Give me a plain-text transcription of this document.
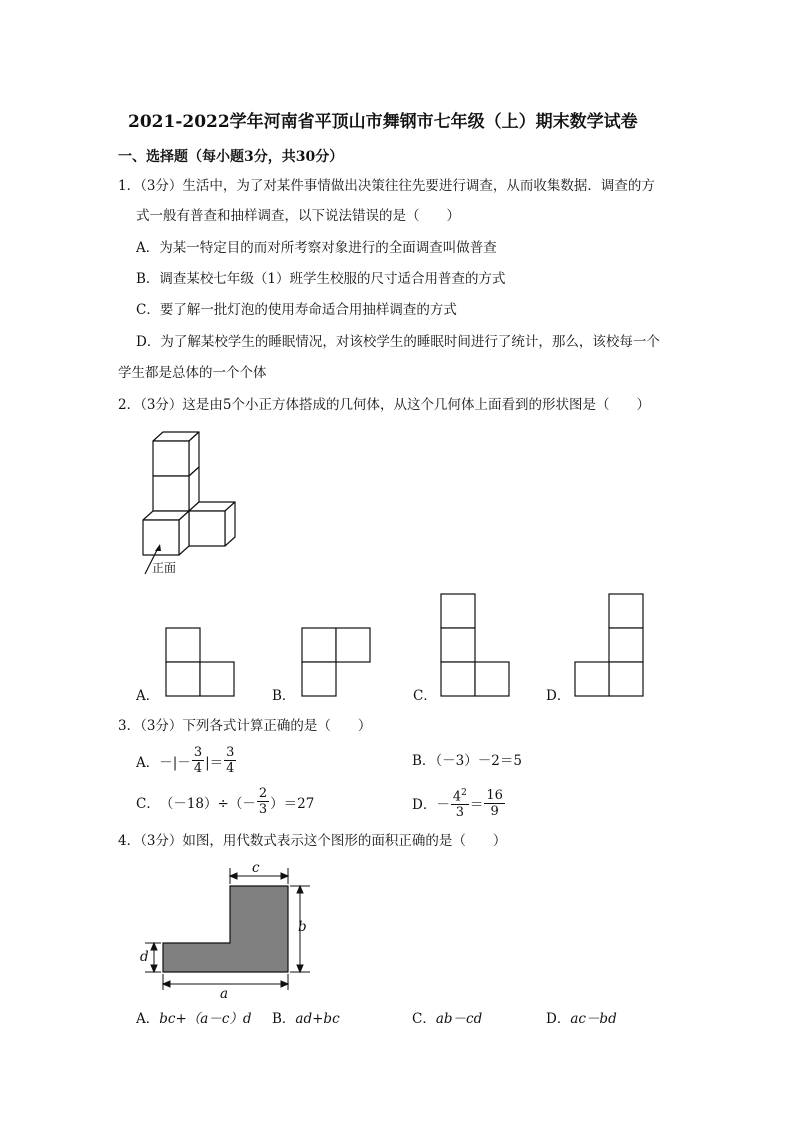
2021-2022学年河南省平顶山市舞钢市七年级（上）期末数学试卷
一、选择题（每小题3分，共30分）
1．（3分）生活中，为了对某件事情做出决策往往先要进行调查，从而收集数据．调查的方
式一般有普查和抽样调查，以下说法错误的是（　　）
A．为某一特定目的而对所考察对象进行的全面调查叫做普查
B．调查某校七年级（1）班学生校服的尺寸适合用普查的方式
C．要了解一批灯泡的使用寿命适合用抽样调查的方式
D．为了解某校学生的睡眠情况，对该校学生的睡眠时间进行了统计，那么，该校每一个
学生都是总体的一个个体
2．（3分）这是由5个小正方体搭成的几何体，从这个几何体上面看到的形状图是（　　）
正面
A．	B．	C．	D．
3．（3分）下列各式计算正确的是（　　）
A． －|－ $\frac{3}{4}$ |＝ $\frac{3}{4}$	B．（－3）－2＝5
C． $(-18)\div(- \frac{2}{3} )=27$	D． － $\frac{4^2}{3} = \frac{16}{9}$
4．（3分）如图，用代数式表示这个图形的面积正确的是（　　）
c
b
d
a
A．bc+（a－c）d B．ad+bc	C．ab－cd	D．ac－bd
